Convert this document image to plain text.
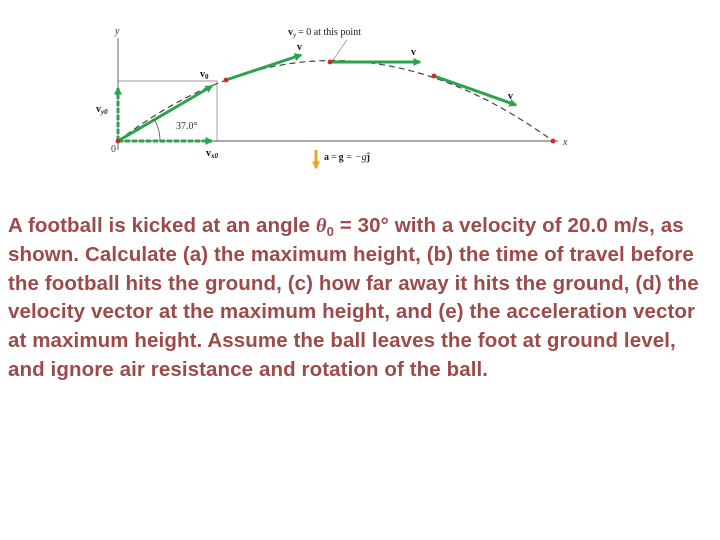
y
x
0
37.0°
$v_0$
$v_{y0}$
$v_{x0}$
v	v
v
$v_y = 0$ at this point
a = g = −gĵ

A football is kicked at an angle $\theta_0 = 30^\circ$ with a velocity of 20.0 m/s, as shown. Calculate (a) the maximum height, (b) the time of travel before the football hits the ground, (c) how far away it hits the ground, (d) the velocity vector at the maximum height, and (e) the acceleration vector at maximum height. Assume the ball leaves the foot at ground level, and ignore air resistance and rotation of the ball.
